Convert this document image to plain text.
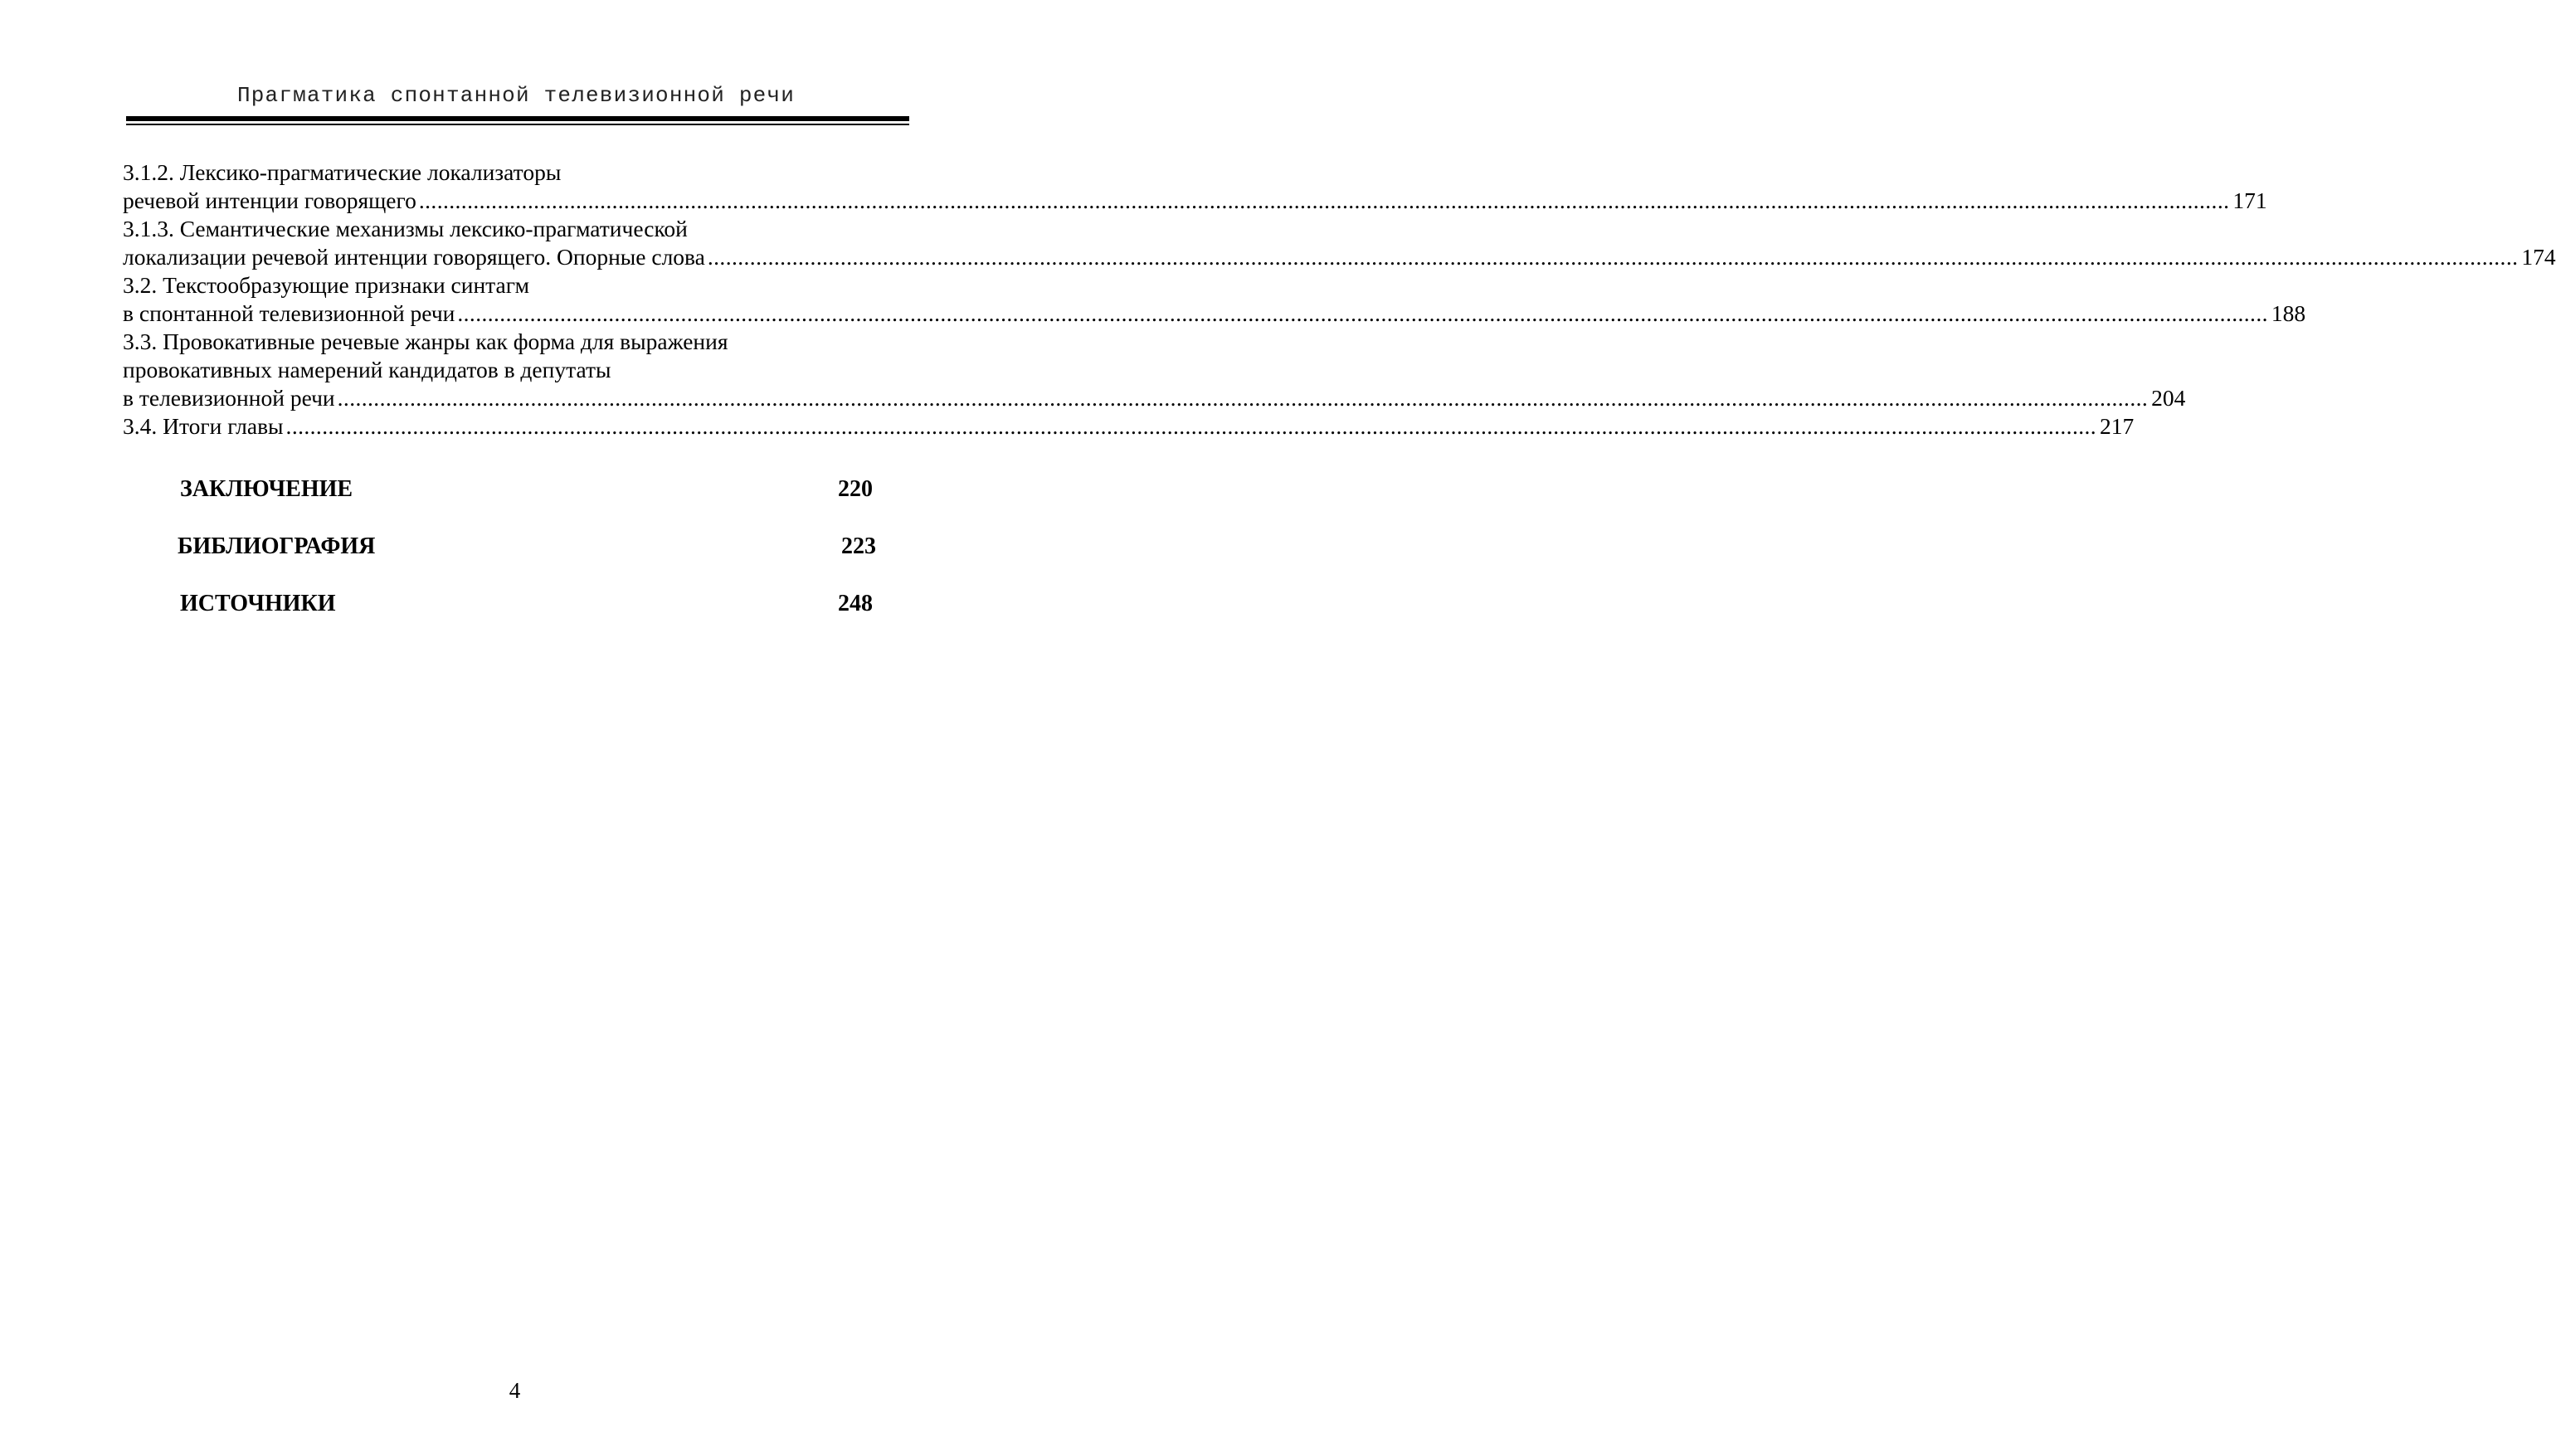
Прагматика спонтанной телевизионной речи
3.1.2. Лексико-прагматические локализаторы
речевой интенции говорящего ............................................................................................................................................................................................................................................................................................................ 171
3.1.3. Семантические механизмы лексико-прагматической
локализации речевой интенции говорящего. Опорные слова ............................................................................................................................................................................................................................................................................................................ 174
3.2. Текстообразующие признаки синтагм
в спонтанной телевизионной речи ............................................................................................................................................................................................................................................................................................................ 188
3.3. Провокативные речевые жанры как форма для выражения
провокативных намерений кандидатов в депутаты
в телевизионной речи ............................................................................................................................................................................................................................................................................................................ 204
3.4. Итоги главы ............................................................................................................................................................................................................................................................................................................ 217
ЗАКЛЮЧЕНИЕ	220
БИБЛИОГРАФИЯ	223
ИСТОЧНИКИ	248
4
